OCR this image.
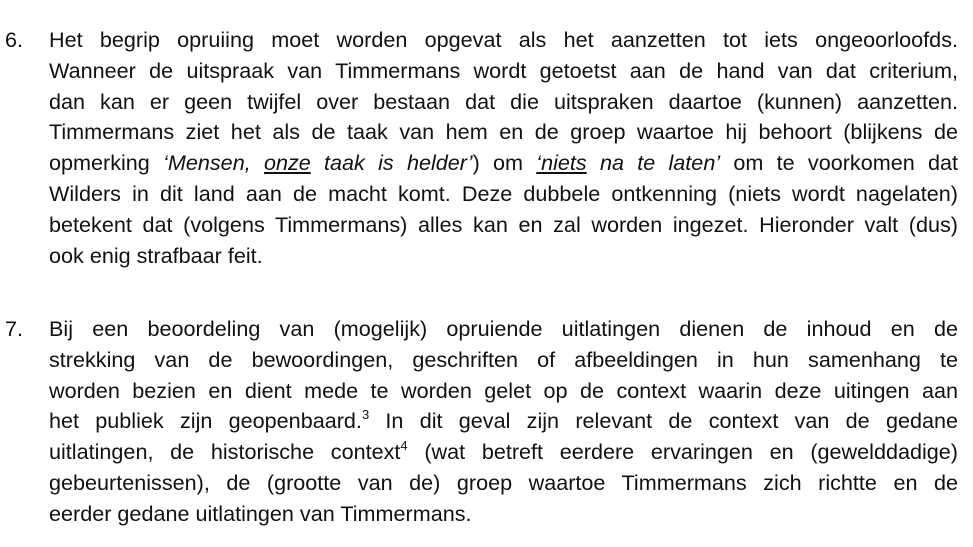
6.	Het begrip opruiing moet worden opgevat als het aanzetten tot iets ongeoorloofds.
Wanneer de uitspraak van Timmermans wordt getoetst aan de hand van dat criterium,
dan kan er geen twijfel over bestaan dat die uitspraken daartoe (kunnen) aanzetten.
Timmermans ziet het als de taak van hem en de groep waartoe hij behoort (blijkens de
opmerking ‘Mensen, onze taak is helder’) om ‘niets na te laten’ om te voorkomen dat
Wilders in dit land aan de macht komt. Deze dubbele ontkenning (niets wordt nagelaten)
betekent dat (volgens Timmermans) alles kan en zal worden ingezet. Hieronder valt (dus)
ook enig strafbaar feit.
7.	Bij een beoordeling van (mogelijk) opruiende uitlatingen dienen de inhoud en de
strekking van de bewoordingen, geschriften of afbeeldingen in hun samenhang te
worden bezien en dient mede te worden gelet op de context waarin deze uitingen aan
het publiek zijn geopenbaard.$^3$ In dit geval zijn relevant de context van de gedane
uitlatingen, de historische context$^4$ (wat betreft eerdere ervaringen en (gewelddadige)
gebeurtenissen), de (grootte van de) groep waartoe Timmermans zich richtte en de
eerder gedane uitlatingen van Timmermans.
